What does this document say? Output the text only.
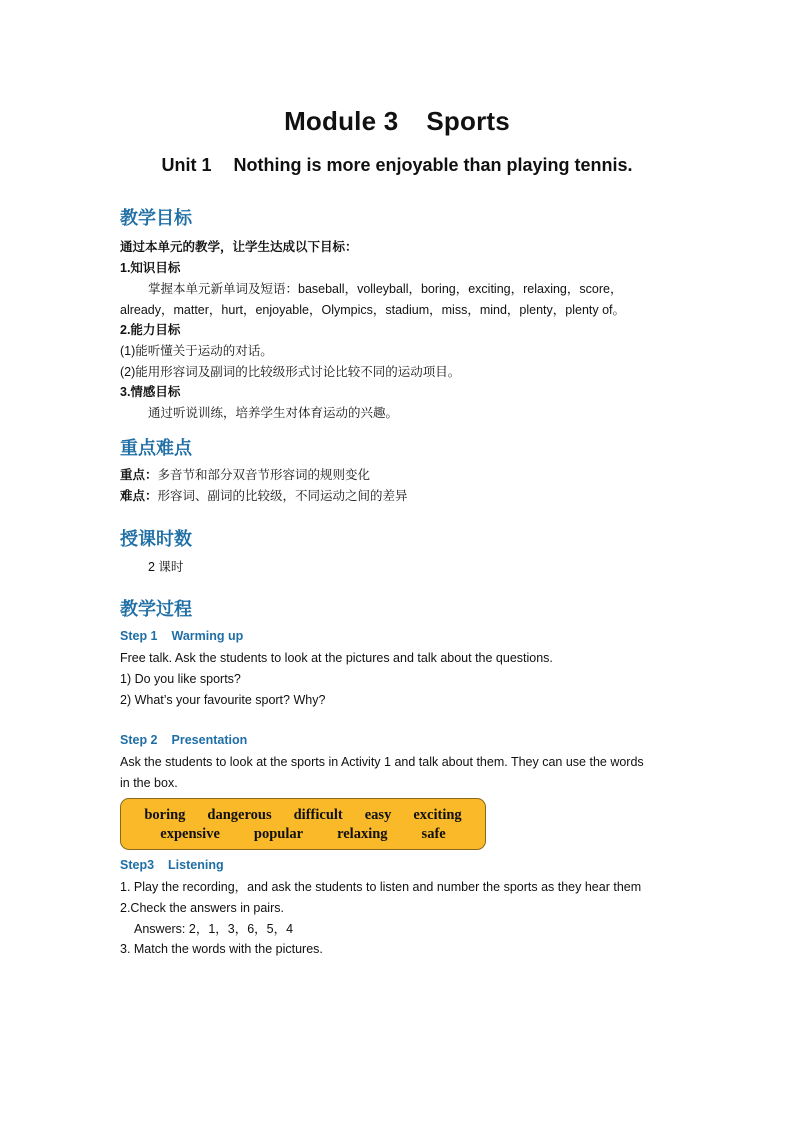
Module 3 Sports
Unit 1 Nothing is more enjoyable than playing tennis.
教学目标
通过本单元的教学，让学生达成以下目标：
1.知识目标
掌握本单元新单词及短语：baseball，volleyball，boring，exciting，relaxing，score，
already，matter，hurt，enjoyable，Olympics，stadium，miss，mind，plenty，plenty of。
2.能力目标
(1)能听懂关于运动的对话。
(2)能用形容词及副词的比较级形式讨论比较不同的运动项目。
3.情感目标
通过听说训练，培养学生对体育运动的兴趣。
重点难点
重点：多音节和部分双音节形容词的规则变化
难点：形容词、副词的比较级，不同运动之间的差异
授课时数
2 课时
教学过程
Step 1 Warming up
Free talk. Ask the students to look at the pictures and talk about the questions.
1) Do you like sports?
2) What’s your favourite sport? Why?
Step 2 Presentation
Ask the students to look at the sports in Activity 1 and talk about them. They can use the words
in the box.
boring dangerous difficult easy exciting
expensive popular relaxing safe
Step3 Listening
1. Play the recording，and ask the students to listen and number the sports as they hear them
2.Check the answers in pairs.
Answers: 2，1，3，6，5，4
3. Match the words with the pictures.
